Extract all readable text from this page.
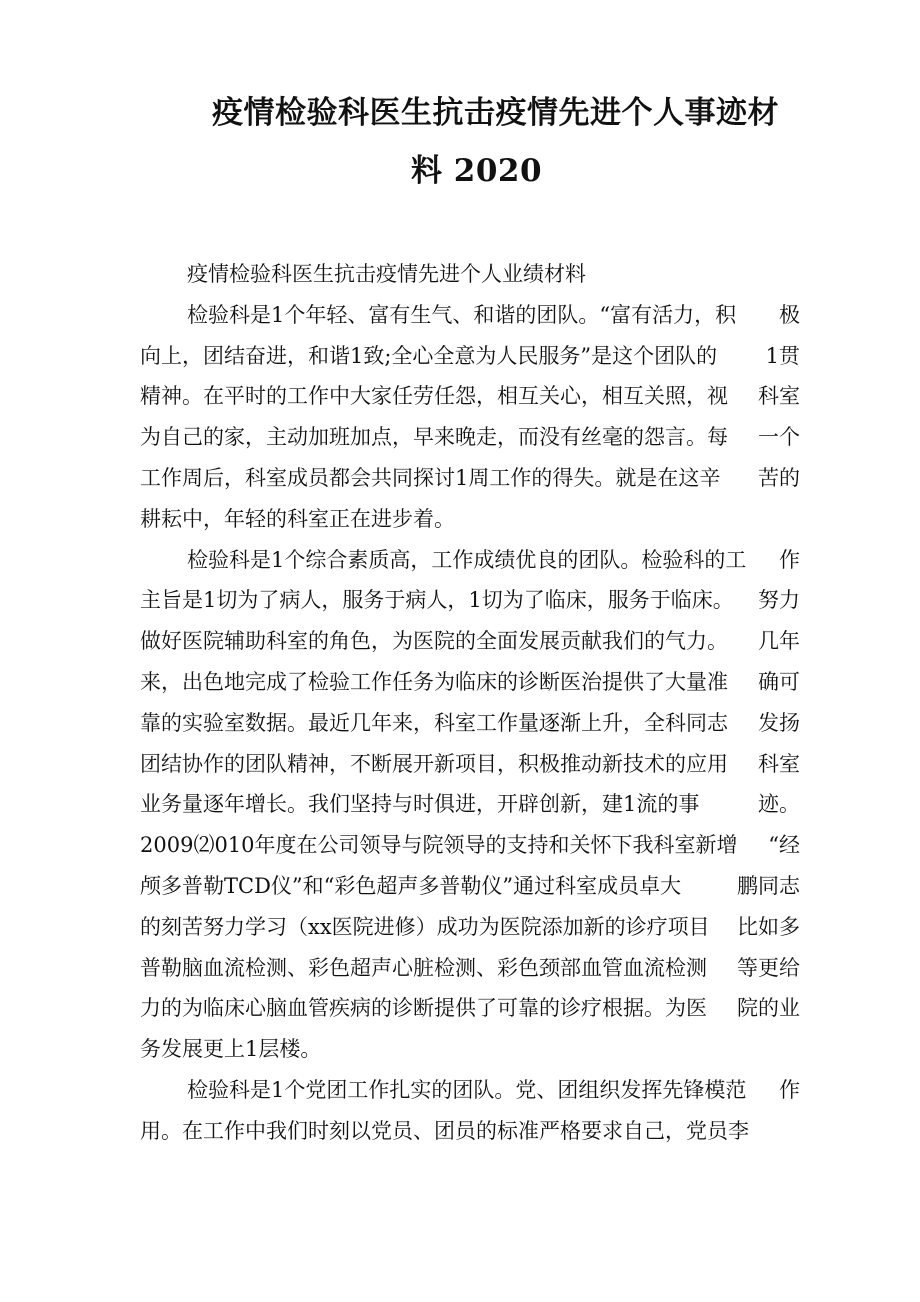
疫情检验科医生抗击疫情先进个人事迹材
料 2020
疫情检验科医生抗击疫情先进个人业绩材料
检验科是1个年轻、富有生气、和谐的团队。“富有活力，积 极
向上，团结奋进，和谐1致;全心全意为人民服务”是这个团队的 1贯
精神。在平时的工作中大家任劳任怨，相互关心，相互关照，视 科室
为自己的家，主动加班加点，早来晚走，而没有丝毫的怨言。每 一个
工作周后，科室成员都会共同探讨1周工作的得失。就是在这辛 苦的
耕耘中，年轻的科室正在进步着。
检验科是1个综合素质高，工作成绩优良的团队。检验科的工 作
主旨是1切为了病人，服务于病人，1切为了临床，服务于临床。 努力
做好医院辅助科室的角色，为医院的全面发展贡献我们的气力。 几年
来，出色地完成了检验工作任务为临床的诊断医治提供了大量准 确可
靠的实验室数据。最近几年来，科室工作量逐渐上升，全科同志 发扬
团结协作的团队精神，不断展开新项目，积极推动新技术的应用 科室
业务量逐年增长。我们坚持与时俱进，开辟创新，建1流的事	迹。
2009⑵010年度在公司领导与院领导的支持和关怀下我科室新增 “经
颅多普勒TCD仪”和“彩色超声多普勒仪”通过科室成员卓大	鹏同志
的刻苦努力学习（xx医院进修）成功为医院添加新的诊疗项目 比如多
普勒脑血流检测、彩色超声心脏检测、彩色颈部血管血流检测 等更给
力的为临床心脑血管疾病的诊断提供了可靠的诊疗根据。为医 院的业
务发展更上1层楼。
检验科是1个党团工作扎实的团队。党、团组织发挥先锋模范 作
用。在工作中我们时刻以党员、团员的标准严格要求自己，党员李
